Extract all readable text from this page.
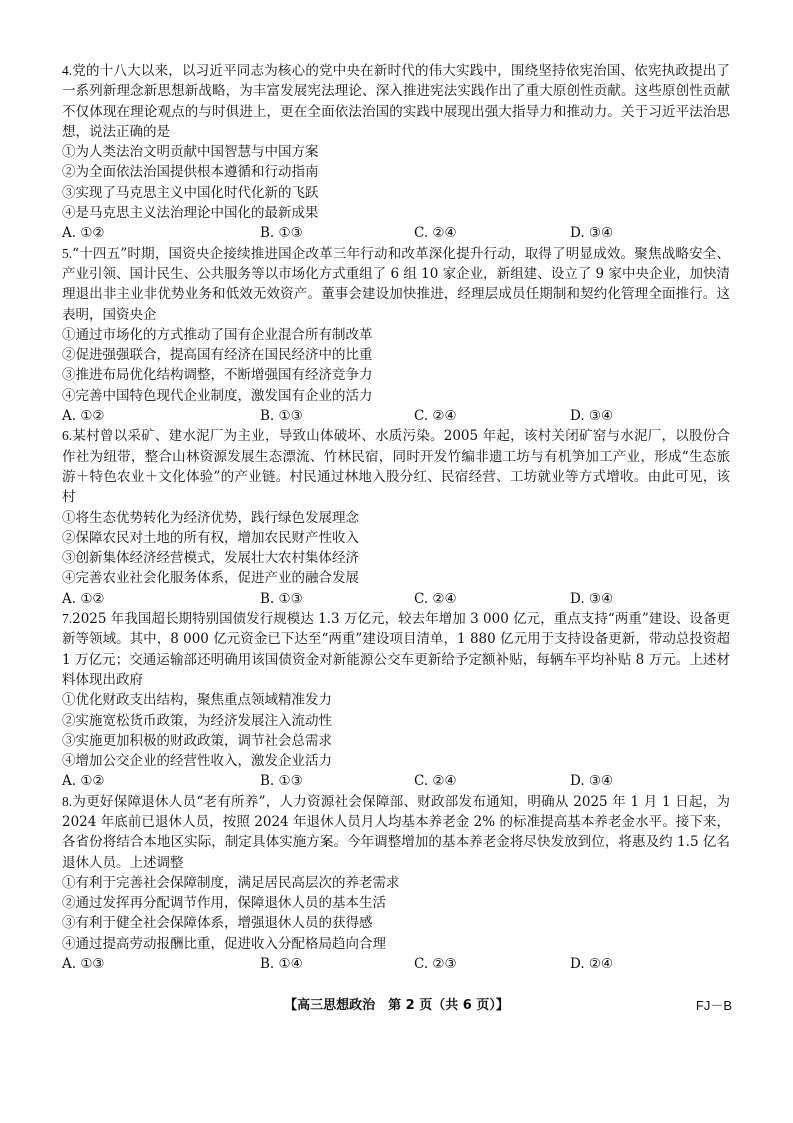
4.党的十八大以来，以习近平同志为核心的党中央在新时代的伟大实践中，围绕坚持依宪治国、依宪执政提出了一系列新理念新思想新战略，为丰富发展宪法理论、深入推进宪法实践作出了重大原创性贡献。这些原创性贡献不仅体现在理论观点的与时俱进上，更在全面依法治国的实践中展现出强大指导力和推动力。关于习近平法治思想，说法正确的是

①为人类法治文明贡献中国智慧与中国方案

②为全面依法治国提供根本遵循和行动指南

③实现了马克思主义中国化时代化新的飞跃

④是马克思主义法治理论中国化的最新成果

A. ①②	B. ①③	C. ②④	D. ③④

5.“十四五”时期，国资央企接续推进国企改革三年行动和改革深化提升行动，取得了明显成效。聚焦战略安全、产业引领、国计民生、公共服务等以市场化方式重组了 6 组 10 家企业，新组建、设立了 9 家中央企业，加快清理退出非主业非优势业务和低效无效资产。董事会建设加快推进，经理层成员任期制和契约化管理全面推行。这表明，国资央企

①通过市场化的方式推动了国有企业混合所有制改革

②促进强强联合，提高国有经济在国民经济中的比重

③推进布局优化结构调整，不断增强国有经济竞争力

④完善中国特色现代企业制度，激发国有企业的活力

A. ①②	B. ①③	C. ②④	D. ③④

6.某村曾以采矿、建水泥厂为主业，导致山体破坏、水质污染。2005 年起，该村关闭矿窑与水泥厂，以股份合作社为纽带，整合山林资源发展生态漂流、竹林民宿，同时开发竹编非遗工坊与有机笋加工产业，形成“生态旅游＋特色农业＋文化体验”的产业链。村民通过林地入股分红、民宿经营、工坊就业等方式增收。由此可见，该村

①将生态优势转化为经济优势，践行绿色发展理念

②保障农民对土地的所有权，增加农民财产性收入

③创新集体经济经营模式，发展壮大农村集体经济

④完善农业社会化服务体系，促进产业的融合发展

A. ①②	B. ①③	C. ②④	D. ③④

7.2025 年我国超长期特别国债发行规模达 1.3 万亿元，较去年增加 3 000 亿元，重点支持“两重”建设、设备更新等领域。其中，8 000 亿元资金已下达至“两重”建设项目清单，1 880 亿元用于支持设备更新，带动总投资超 1 万亿元；交通运输部还明确用该国债资金对新能源公交车更新给予定额补贴，每辆车平均补贴 8 万元。上述材料体现出政府

①优化财政支出结构，聚焦重点领域精准发力

②实施宽松货币政策，为经济发展注入流动性

③实施更加积极的财政政策，调节社会总需求

④增加公交企业的经营性收入，激发企业活力

A. ①②	B. ①③	C. ②④	D. ③④

8.为更好保障退休人员“老有所养”，人力资源社会保障部、财政部发布通知，明确从 2025 年 1 月 1 日起，为 2024 年底前已退休人员，按照 2024 年退休人员月人均基本养老金 2% 的标准提高基本养老金水平。接下来，各省份将结合本地区实际，制定具体实施方案。今年调整增加的基本养老金将尽快发放到位，将惠及约 1.5 亿名退休人员。上述调整

①有利于完善社会保障制度，满足居民高层次的养老需求

②通过发挥再分配调节作用，保障退休人员的基本生活

③有利于健全社会保障体系，增强退休人员的获得感

④通过提高劳动报酬比重，促进收入分配格局趋向合理

A. ①③	B. ①④	C. ②③	D. ②④
【高三思想政治　第 2 页（共 6 页）】	FJ－B
